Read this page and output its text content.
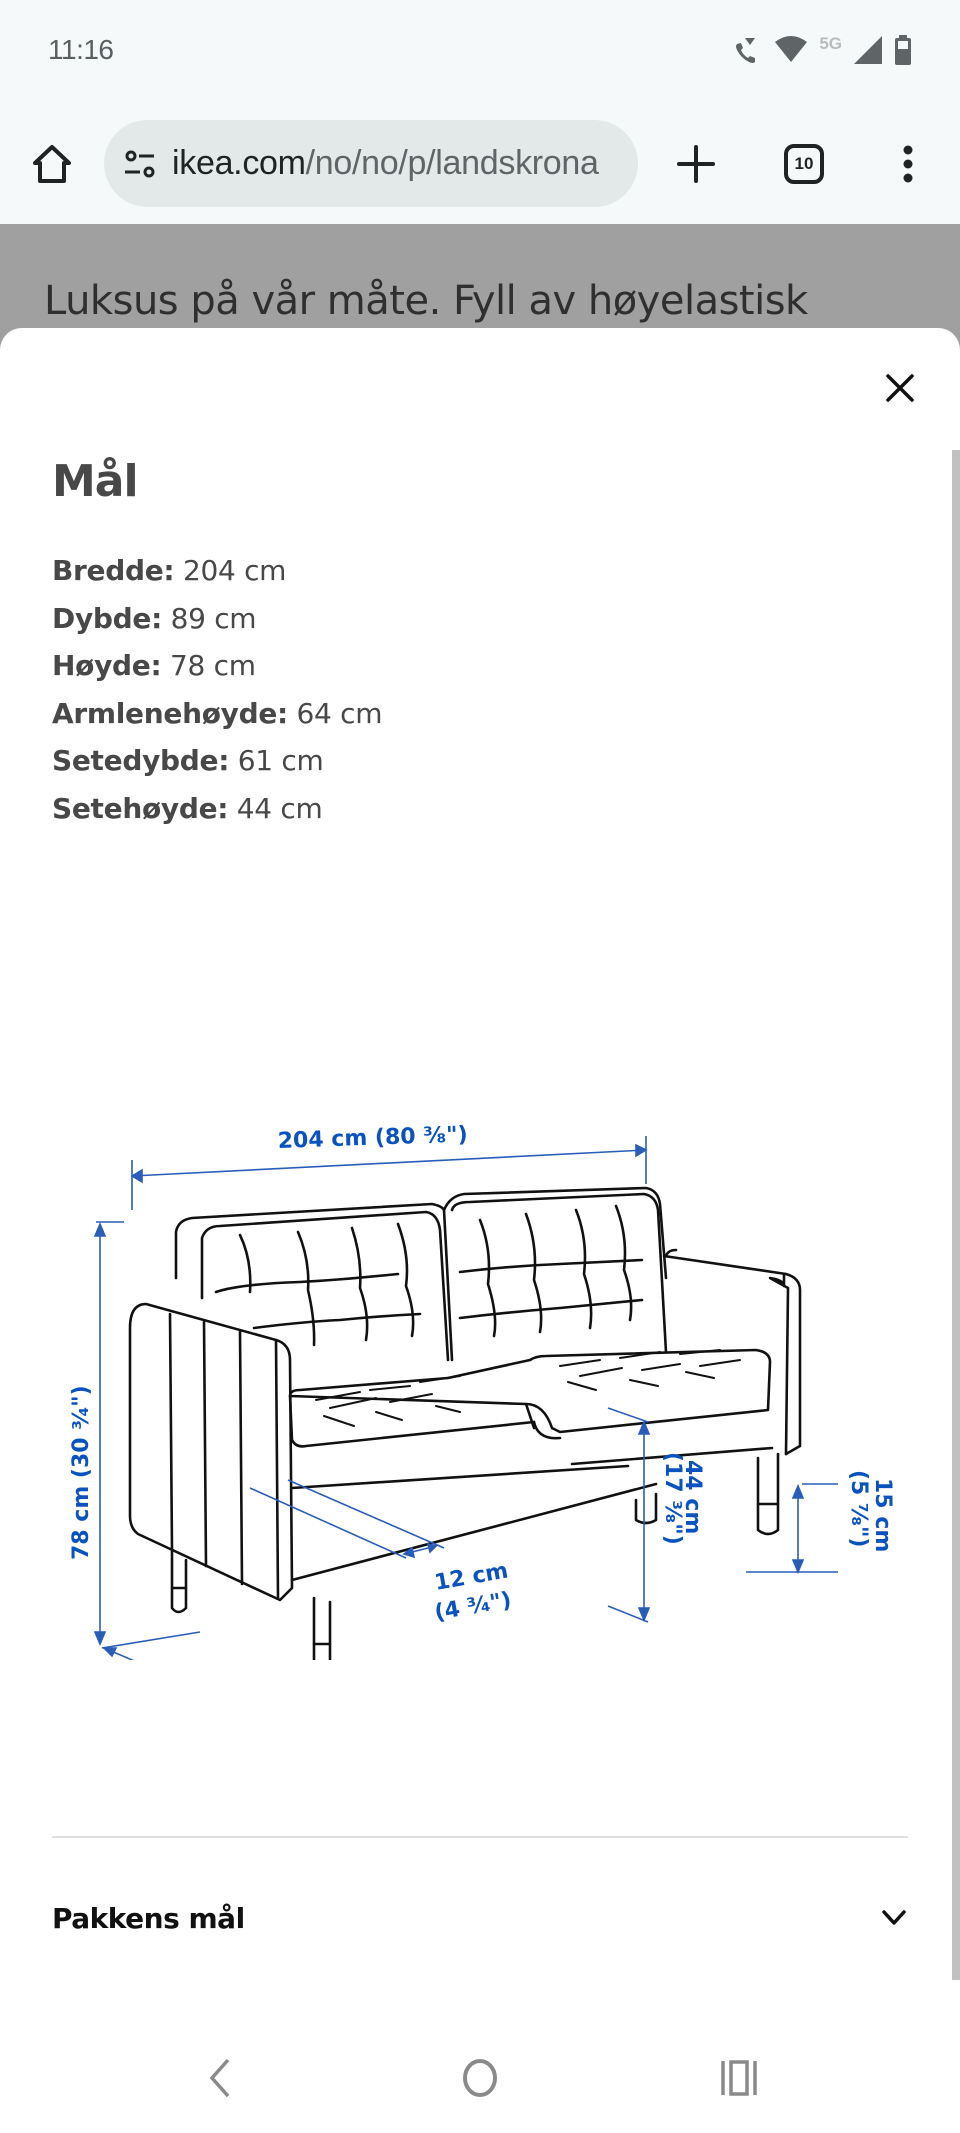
11:16	5G
ikea.com/no/no/p/landskrona	10
Luksus på vår måte. Fyll av høyelastisk
Mål
Bredde: 204 cm
Dybde: 89 cm
Høyde: 78 cm
Armlenehøyde: 64 cm
Setedybde: 61 cm
Setehøyde: 44 cm
204 cm (80 ³⁄₈")
78 cm (30 ³⁄₄")
12 cm
(4 ³⁄₄")
44 cm
(17 ³⁄₈")	15 cm
(5 ⁷⁄₈")
Pakkens mål
